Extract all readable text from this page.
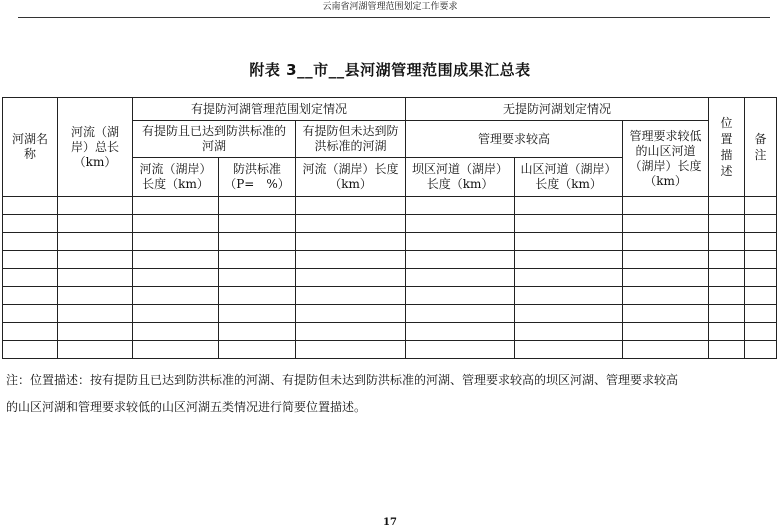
云南省河湖管理范围划定工作要求
附表 3__市__县河湖管理范围成果汇总表
河湖名称	河流（湖岸）总长（km）	有提防河湖管理范围划定情况			无提防河湖划定情况			位置描述	备注
		有提防且已达到防洪标准的河湖		有提防但未达到防洪标准的河湖	管理要求较高		管理要求较低的山区河道（湖岸）长度（km）		
		河流（湖岸）长度（km）	防洪标准（P=　%）	河流（湖岸）长度（km）	坝区河道（湖岸）长度（km）	山区河道（湖岸）长度（km）			

注：位置描述：按有提防且已达到防洪标准的河湖、有提防但未达到防洪标准的河湖、管理要求较高的坝区河湖、管理要求较高
的山区河湖和管理要求较低的山区河湖五类情况进行简要位置描述。
17
